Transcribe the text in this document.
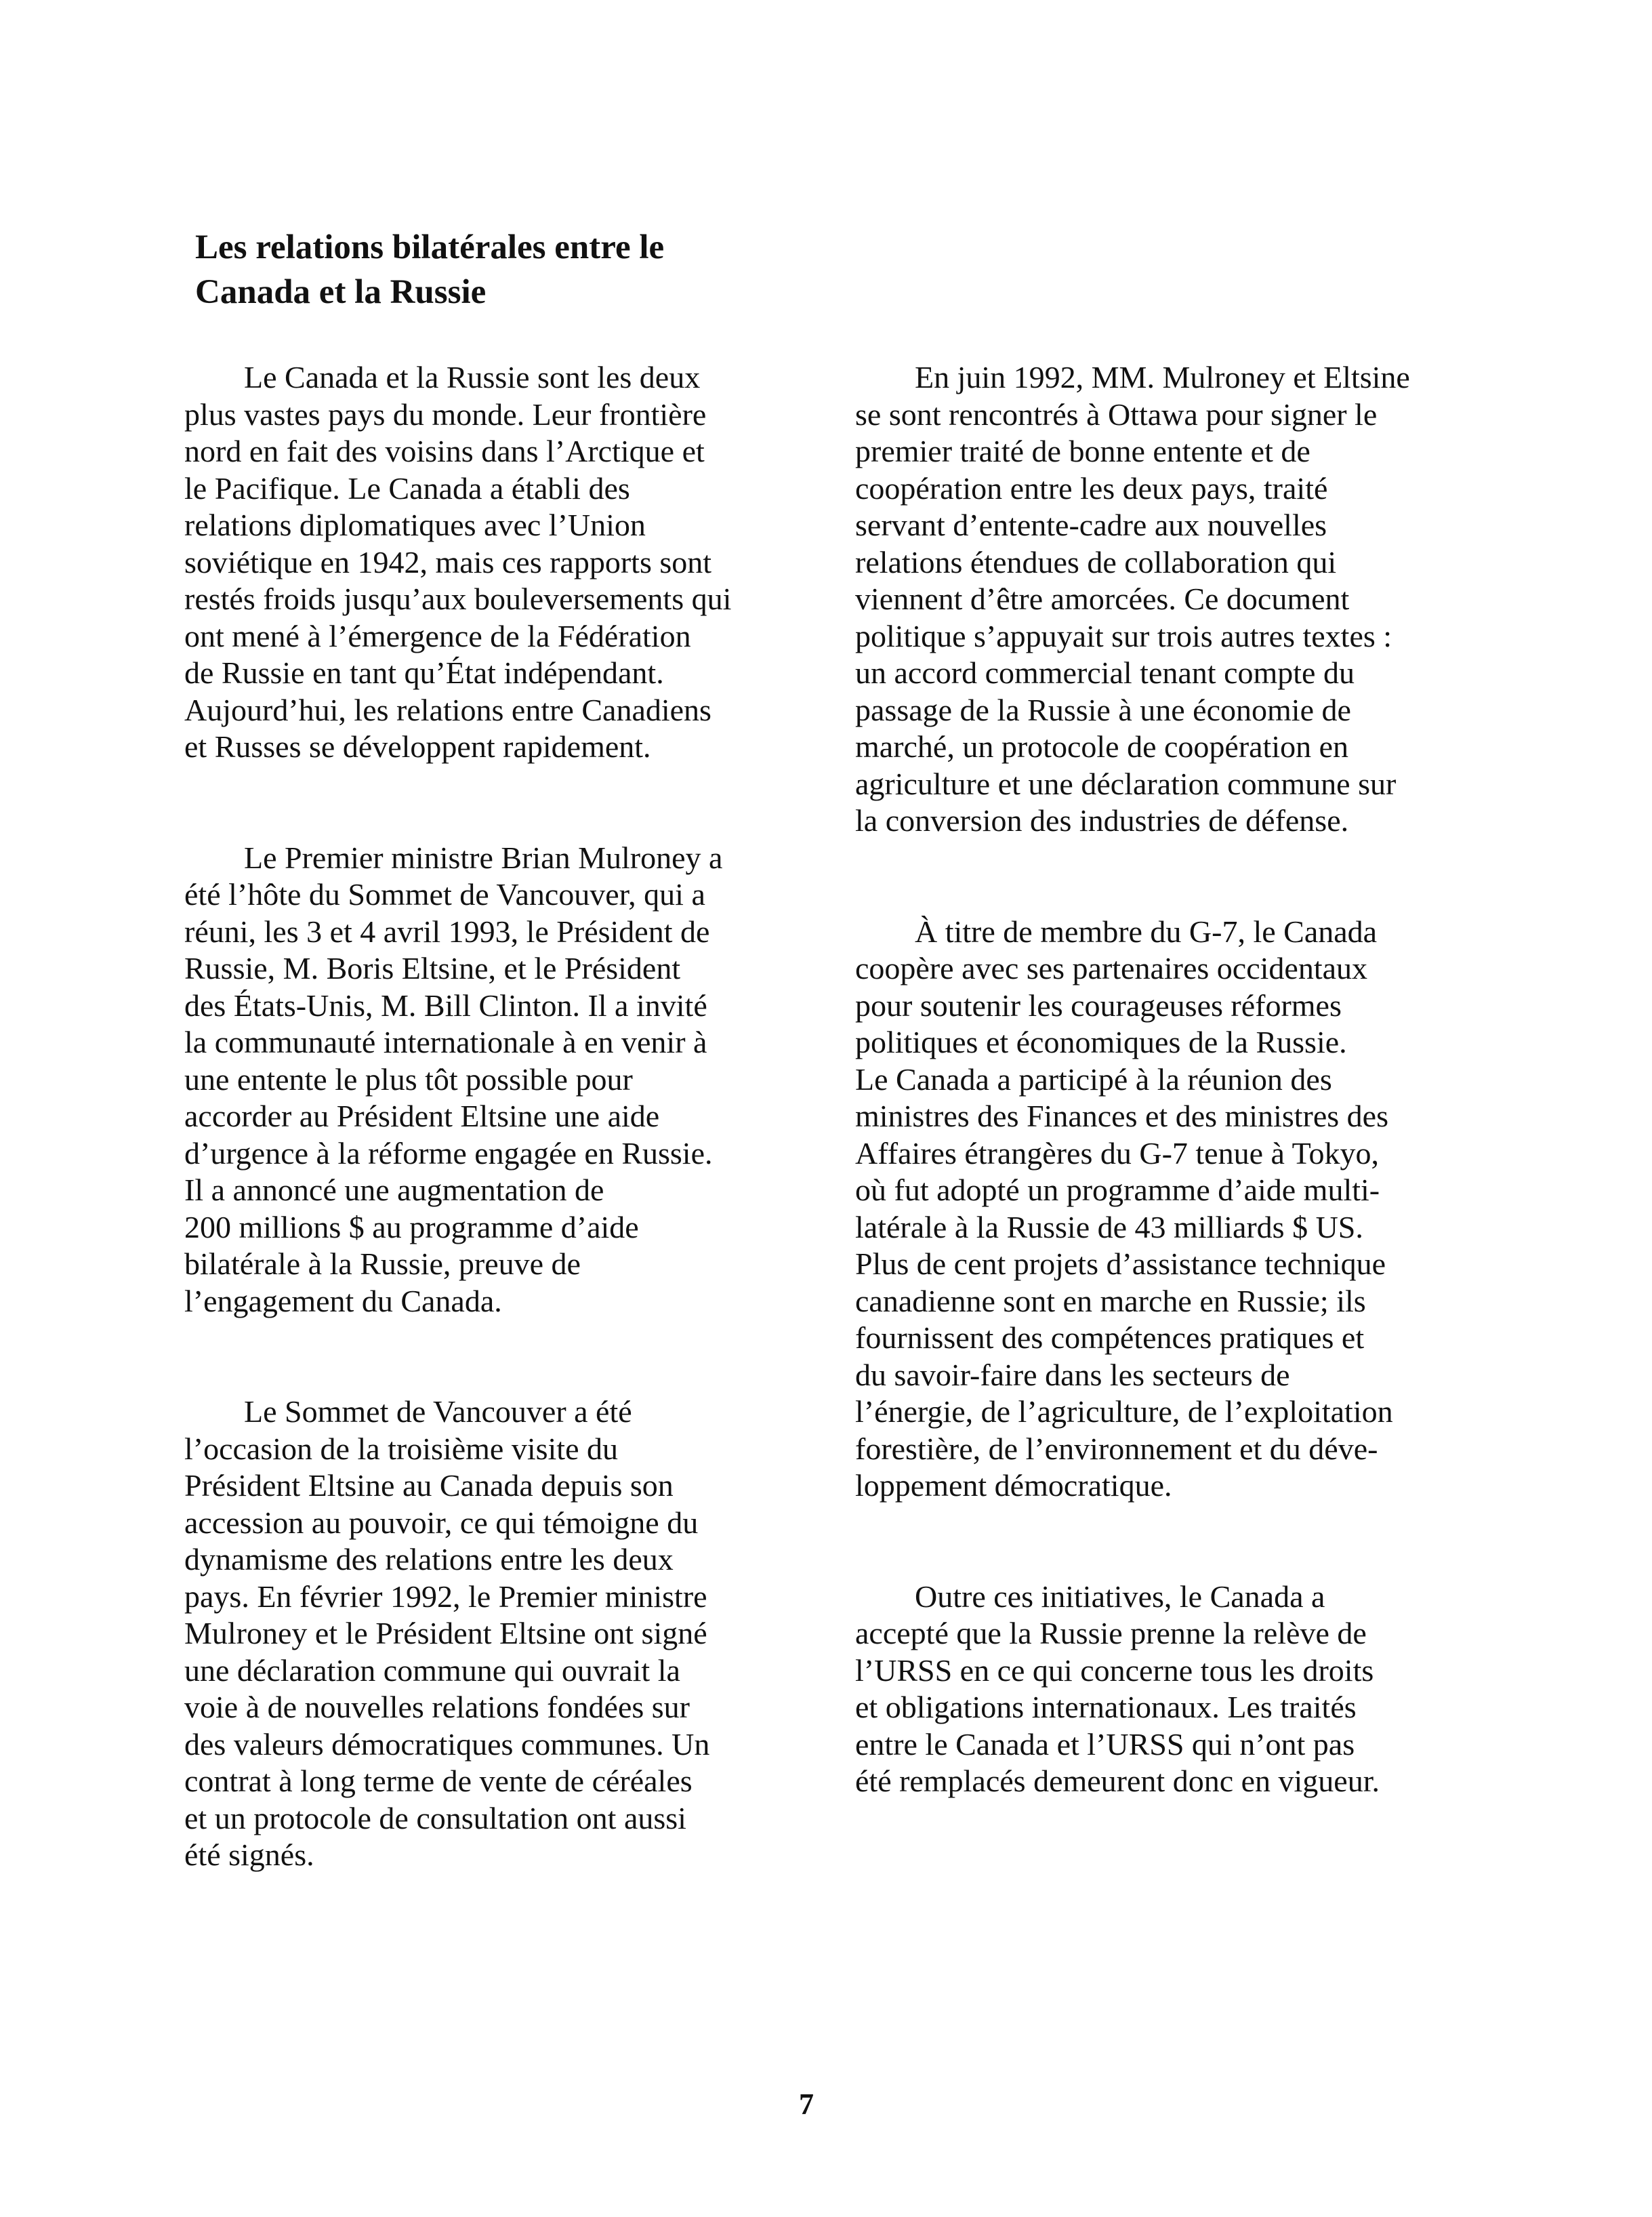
Les relations bilatérales entre le
Canada et la Russie

Le Canada et la Russie sont les deux
plus vastes pays du monde. Leur frontière
nord en fait des voisins dans l’Arctique et
le Pacifique. Le Canada a établi des
relations diplomatiques avec l’Union
soviétique en 1942, mais ces rapports sont
restés froids jusqu’aux bouleversements qui
ont mené à l’émergence de la Fédération
de Russie en tant qu’État indépendant.
Aujourd’hui, les relations entre Canadiens
et Russes se développent rapidement.

Le Premier ministre Brian Mulroney a
été l’hôte du Sommet de Vancouver, qui a
réuni, les 3 et 4 avril 1993, le Président de
Russie, M. Boris Eltsine, et le Président
des États-Unis, M. Bill Clinton. Il a invité
la communauté internationale à en venir à
une entente le plus tôt possible pour
accorder au Président Eltsine une aide
d’urgence à la réforme engagée en Russie.
Il a annoncé une augmentation de
200 millions $ au programme d’aide
bilatérale à la Russie, preuve de
l’engagement du Canada.

Le Sommet de Vancouver a été
l’occasion de la troisième visite du
Président Eltsine au Canada depuis son
accession au pouvoir, ce qui témoigne du
dynamisme des relations entre les deux
pays. En février 1992, le Premier ministre
Mulroney et le Président Eltsine ont signé
une déclaration commune qui ouvrait la
voie à de nouvelles relations fondées sur
des valeurs démocratiques communes. Un
contrat à long terme de vente de céréales
et un protocole de consultation ont aussi
été signés.

En juin 1992, MM. Mulroney et Eltsine
se sont rencontrés à Ottawa pour signer le
premier traité de bonne entente et de
coopération entre les deux pays, traité
servant d’entente-cadre aux nouvelles
relations étendues de collaboration qui
viennent d’être amorcées. Ce document
politique s’appuyait sur trois autres textes :
un accord commercial tenant compte du
passage de la Russie à une économie de
marché, un protocole de coopération en
agriculture et une déclaration commune sur
la conversion des industries de défense.

À titre de membre du G-7, le Canada
coopère avec ses partenaires occidentaux
pour soutenir les courageuses réformes
politiques et économiques de la Russie.
Le Canada a participé à la réunion des
ministres des Finances et des ministres des
Affaires étrangères du G-7 tenue à Tokyo,
où fut adopté un programme d’aide multi-
latérale à la Russie de 43 milliards $ US.
Plus de cent projets d’assistance technique
canadienne sont en marche en Russie; ils
fournissent des compétences pratiques et
du savoir-faire dans les secteurs de
l’énergie, de l’agriculture, de l’exploitation
forestière, de l’environnement et du déve-
loppement démocratique.

Outre ces initiatives, le Canada a
accepté que la Russie prenne la relève de
l’URSS en ce qui concerne tous les droits
et obligations internationaux. Les traités
entre le Canada et l’URSS qui n’ont pas
été remplacés demeurent donc en vigueur.

7
